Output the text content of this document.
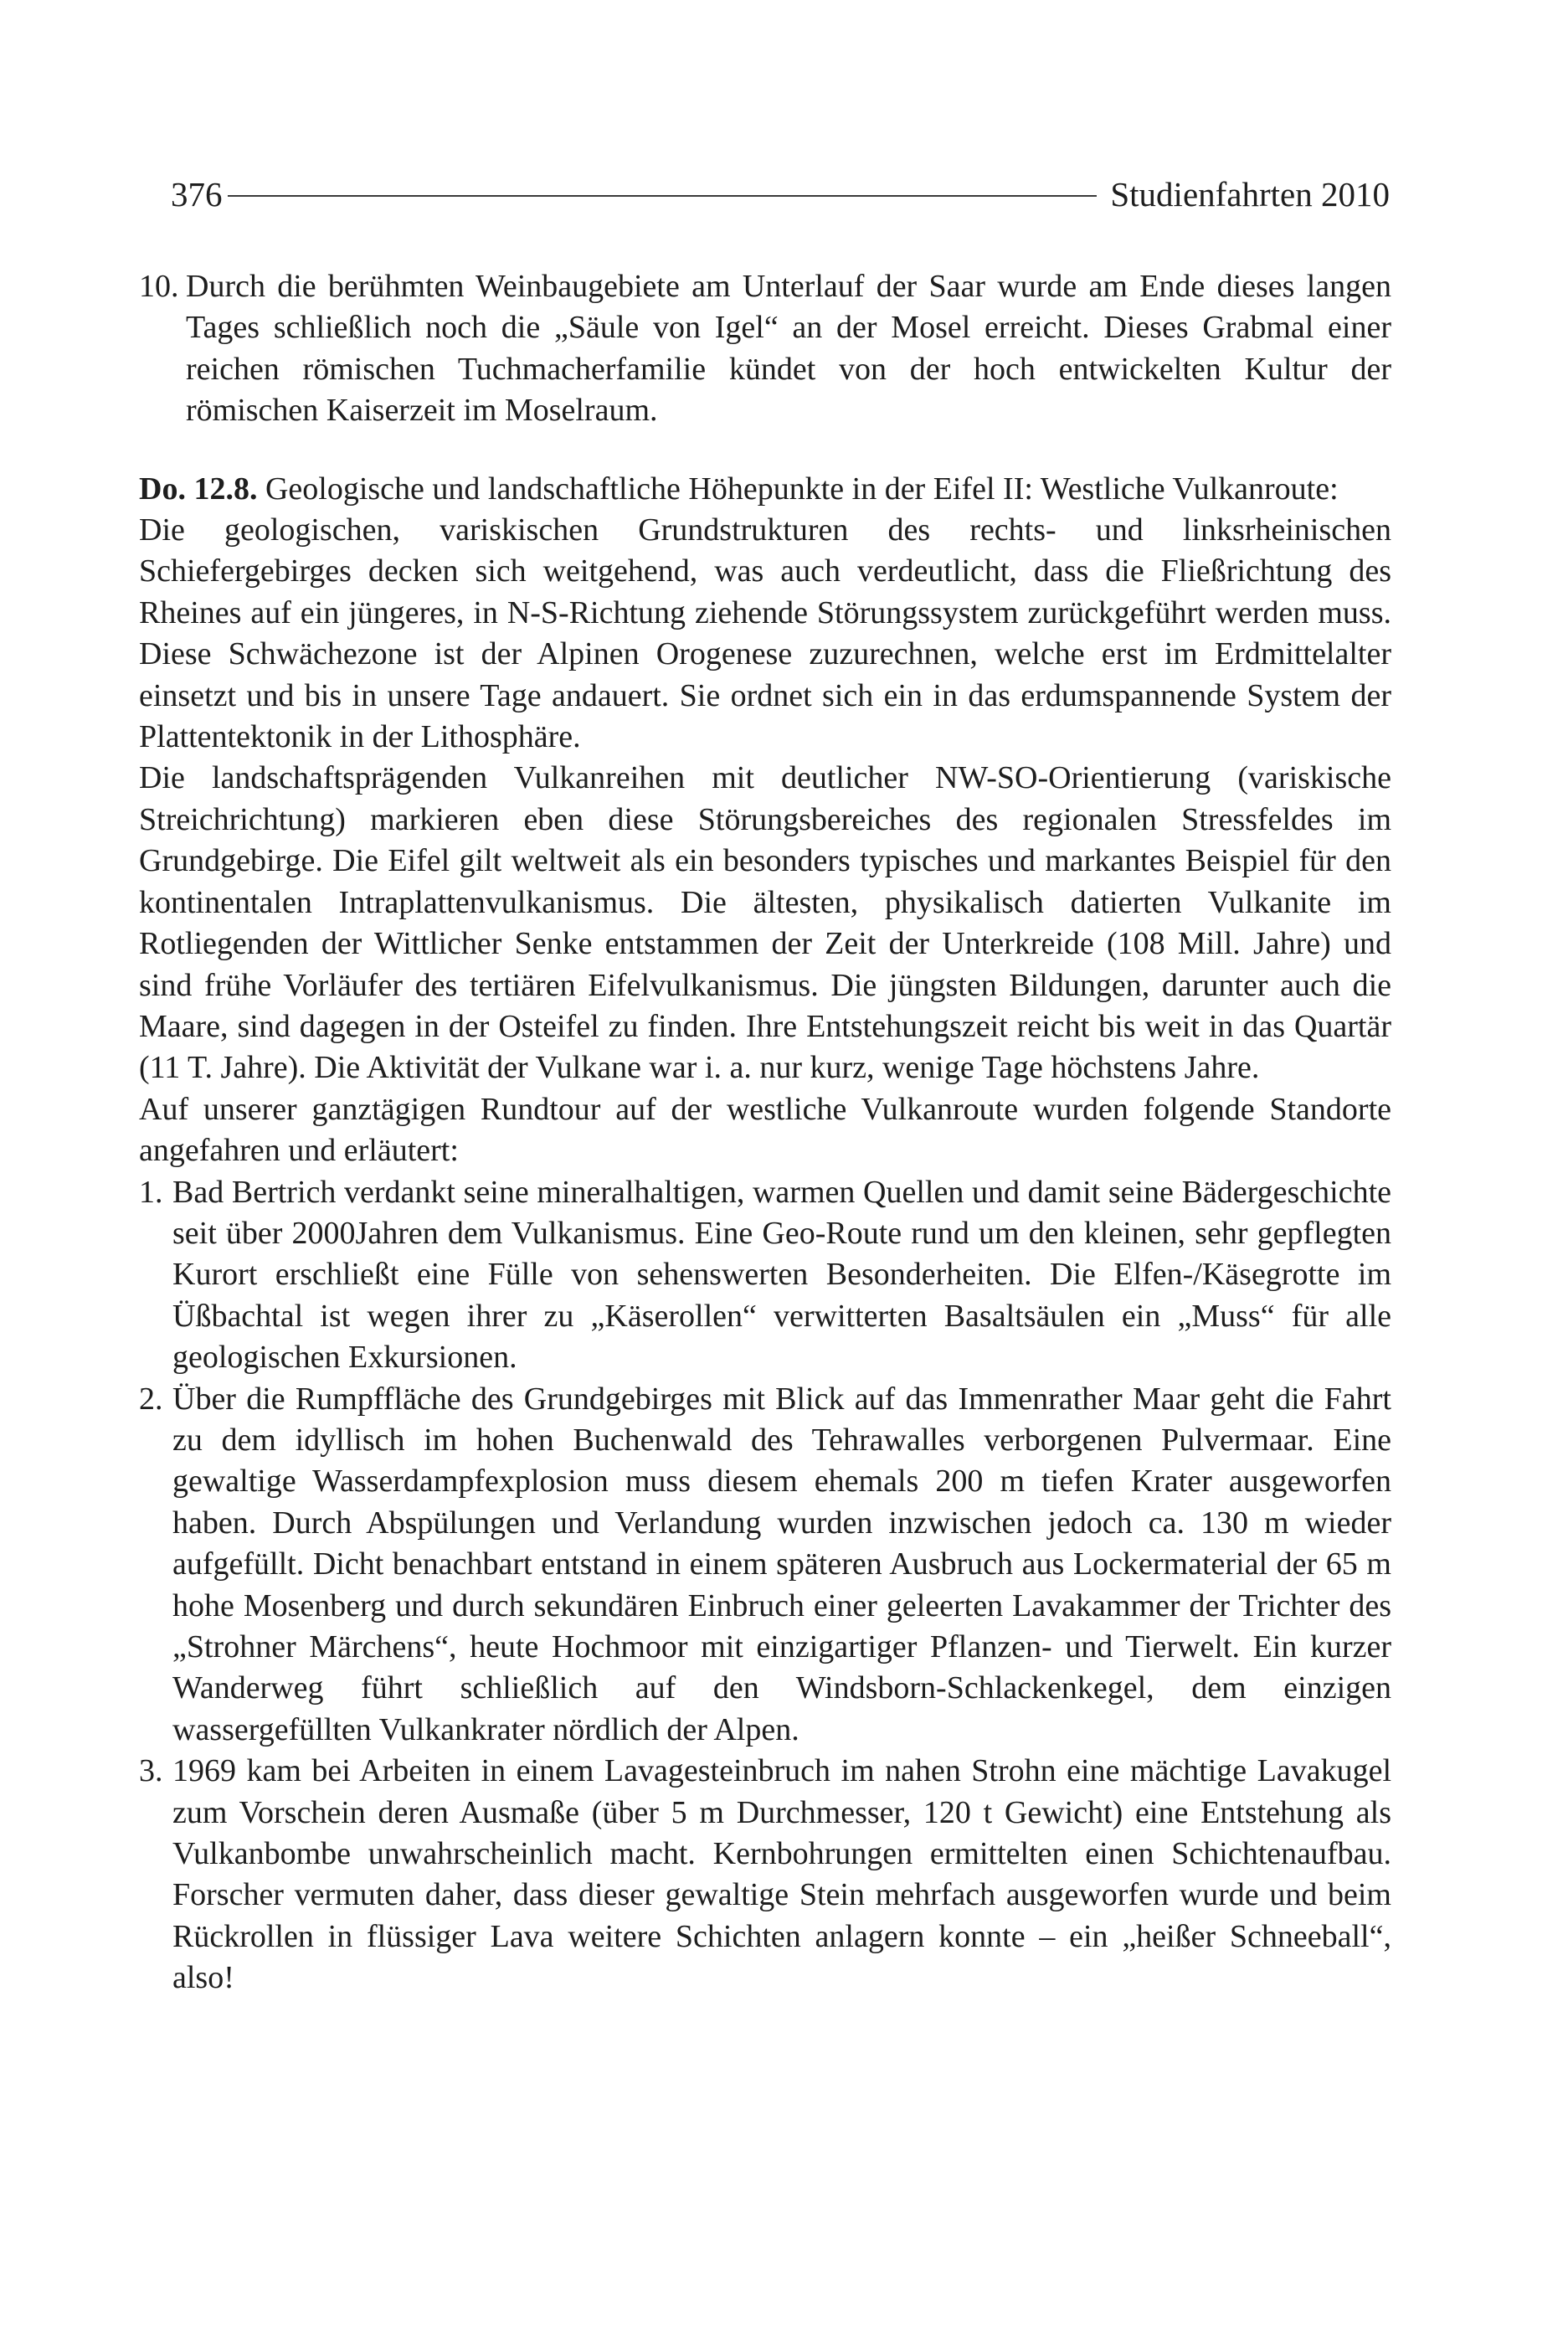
376	Studienfahrten 2010
10. Durch die berühmten Weinbaugebiete am Unterlauf der Saar wurde am Ende dieses langen Tages schließlich noch die „Säule von Igel“ an der Mosel erreicht. Dieses Grabmal einer reichen römischen Tuchmacherfamilie kündet von der hoch entwickelten Kultur der römischen Kaiserzeit im Moselraum.

Do. 12.8. Geologische und landschaftliche Höhepunkte in der Eifel II: Westliche Vulkanroute:

Die geologischen, variskischen Grundstrukturen des rechts- und linksrheinischen Schiefergebirges decken sich weitgehend, was auch verdeutlicht, dass die Fließrichtung des Rheines auf ein jüngeres, in N-S-Richtung ziehende Störungssystem zurückgeführt werden muss. Diese Schwächezone ist der Alpinen Orogenese zuzurechnen, welche erst im Erdmittelalter einsetzt und bis in unsere Tage andauert. Sie ordnet sich ein in das erdumspannende System der Plattentektonik in der Lithosphäre.

Die landschaftsprägenden Vulkanreihen mit deutlicher NW-SO-Orientierung (variskische Streichrichtung) markieren eben diese Störungsbereiches des regionalen Stressfeldes im Grundgebirge. Die Eifel gilt weltweit als ein besonders typisches und markantes Beispiel für den kontinentalen Intraplattenvulkanismus. Die ältesten, physikalisch datierten Vulkanite im Rotliegenden der Wittlicher Senke entstammen der Zeit der Unterkreide (108 Mill. Jahre) und sind frühe Vorläufer des tertiären Eifelvulkanismus. Die jüngsten Bildungen, darunter auch die Maare, sind dagegen in der Osteifel zu finden. Ihre Entstehungszeit reicht bis weit in das Quartär (11 T. Jahre). Die Aktivität der Vulkane war i. a. nur kurz, wenige Tage höchstens Jahre.

Auf unserer ganztägigen Rundtour auf der westliche Vulkanroute wurden folgende Standorte angefahren und erläutert:

1. Bad Bertrich verdankt seine mineralhaltigen, warmen Quellen und damit seine Bädergeschichte seit über 2000Jahren dem Vulkanismus. Eine Geo-Route rund um den kleinen, sehr gepflegten Kurort erschließt eine Fülle von sehenswerten Besonderheiten. Die Elfen-/Käsegrotte im Üßbachtal ist wegen ihrer zu „Käserollen“ verwitterten Basaltsäulen ein „Muss“ für alle geologischen Exkursionen.
2. Über die Rumpffläche des Grundgebirges mit Blick auf das Immenrather Maar geht die Fahrt zu dem idyllisch im hohen Buchenwald des Tehrawalles verborgenen Pulvermaar. Eine gewaltige Wasserdampfexplosion muss diesem ehemals 200 m tiefen Krater ausgeworfen haben. Durch Abspülungen und Verlandung wurden inzwischen jedoch ca. 130 m wieder aufgefüllt. Dicht benachbart entstand in einem späteren Ausbruch aus Lockermaterial der 65 m hohe Mosenberg und durch sekundären Einbruch einer geleerten Lavakammer der Trichter des „Strohner Märchens“, heute Hochmoor mit einzigartiger Pflanzen- und Tierwelt. Ein kurzer Wanderweg führt schließlich auf den Windsborn-Schlackenkegel, dem einzigen wassergefüllten Vulkankrater nördlich der Alpen.
3. 1969 kam bei Arbeiten in einem Lavagesteinbruch im nahen Strohn eine mächtige Lavakugel zum Vorschein deren Ausmaße (über 5 m Durchmesser, 120 t Gewicht) eine Entstehung als Vulkanbombe unwahrscheinlich macht. Kernbohrungen ermittelten einen Schichtenaufbau. Forscher vermuten daher, dass dieser gewaltige Stein mehrfach ausgeworfen wurde und beim Rückrollen in flüssiger Lava weitere Schichten anlagern konnte – ein „heißer Schneeball“, also!
